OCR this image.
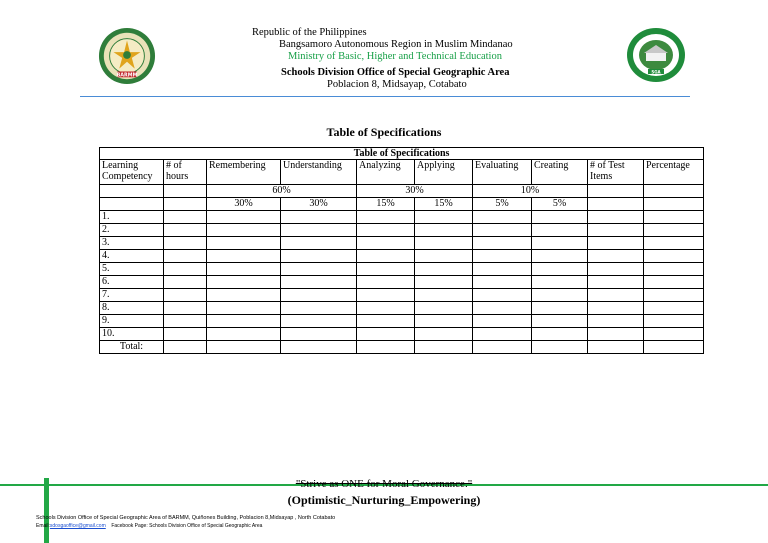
BARMM
SGA
Republic of the Philippines
Bangsamoro Autonomous Region in Muslim Mindanao
Ministry of Basic, Higher and Technical Education
Schools Division Office of Special Geographic Area
Poblacion 8, Midsayap, Cotabato
Table of Specifications
Table of Specifications									
Learning Competency	# of hours	Remembering	Understanding	Analyzing	Applying	Evaluating	Creating	# of Test Items	Percentage
		60%		30%		10%			
		30%	30%	15%	15%	5%	5%		
1.									
2.									
3.									
4.									
5.									
6.									
7.									
8.									
9.									
10.									
Total:									
"Strive as ONE for Moral Governance."
(Optimistic_Nurturing_Empowering)
Schools Division Office of Special Geographic Area of BARMM, Quiñones Building, Poblacion 8,Midsayap , North Cotabato
Email:sdosgaoffice@gmail.com Facebook Page: Schools Division Office of Special Geographic Area
